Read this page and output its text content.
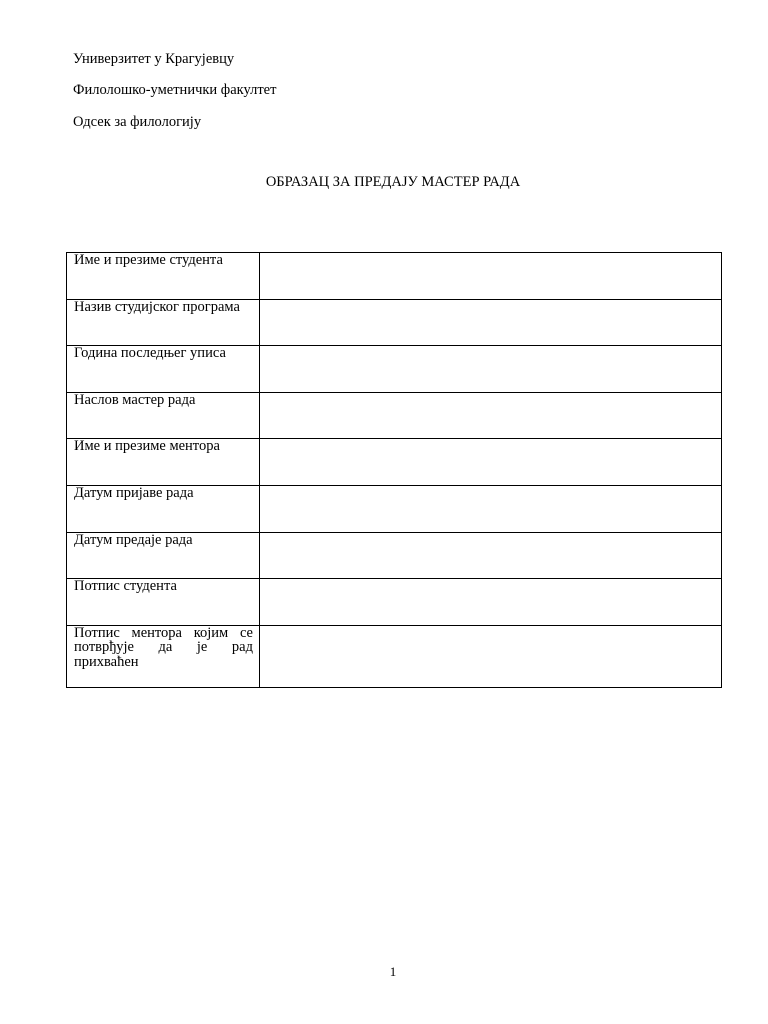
Универзитет у Крагујевцу
Филолошко-уметнички факултет
Одсек за филологију
ОБРАЗАЦ ЗА ПРЕДАЈУ МАСТЕР РАДА
Име и презиме студента	

Назив студијског програма	

Година последњег уписа	

Наслов мастер рада	

Име и презиме ментора	

Датум пријаве рада	

Датум предаје рада	

Потпис студента	

Потпис ментора којим се потврђује да је рад прихваћен	

1
